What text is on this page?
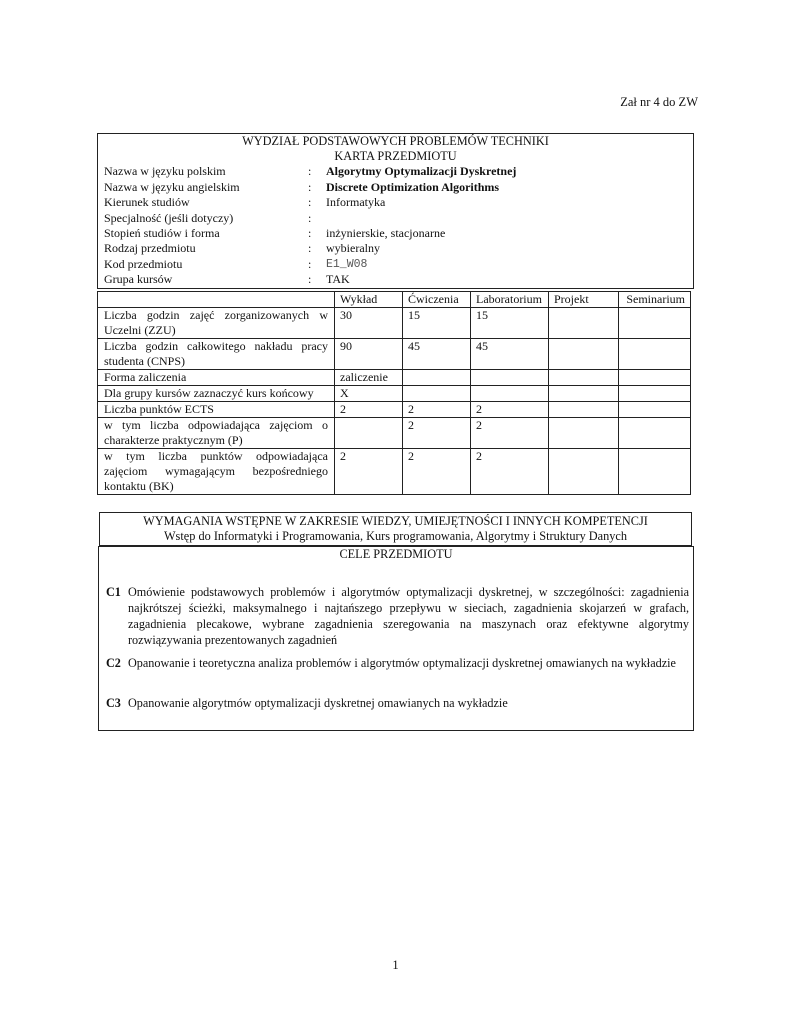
Zał nr 4 do ZW
WYDZIAŁ PODSTAWOWYCH PROBLEMÓW TECHNIKI
KARTA PRZEDMIOTU
Nazwa w języku polskim	: Algorytmy Optymalizacji Dyskretnej
Nazwa w języku angielskim	: Discrete Optimization Algorithms
Kierunek studiów	: Informatyka
Specjalność (jeśli dotyczy)	:
Stopień studiów i forma	: inżynierskie, stacjonarne
Rodzaj przedmiotu	: wybieralny
Kod przedmiotu	: E1_W08
Grupa kursów	: TAK
	Wykład	Ćwiczenia	Laboratorium	Projekt	Seminarium
Liczba godzin zajęć zorganizowanych w Uczelni (ZZU)	30	15	15		
Liczba godzin całkowitego nakładu pracy studenta (CNPS)	90	45	45		
Forma zaliczenia	zaliczenie				
Dla grupy kursów zaznaczyć kurs końcowy	X				
Liczba punktów ECTS	2	2	2		
w tym liczba odpowiadająca zajęciom o charakterze praktycznym (P)		2	2		
w tym liczba punktów odpowiadająca zajęciom wymagającym bezpośredniego kontaktu (BK)	2	2	2		
WYMAGANIA WSTĘPNE W ZAKRESIE WIEDZY, UMIEJĘTNOŚCI I INNYCH KOMPETENCJI
Wstęp do Informatyki i Programowania, Kurs programowania, Algorytmy i Struktury Danych
CELE PRZEDMIOTU
C1 Omówienie podstawowych problemów i algorytmów optymalizacji dyskretnej, w szczególności: zagadnienia najkrótszej ścieżki, maksymalnego i najtańszego przepływu w sieciach, zagadnienia skojarzeń w grafach, zagadnienia plecakowe, wybrane zagadnienia szeregowania na maszynach oraz efektywne algorytmy rozwiązywania prezentowanych zagadnień
C2 Opanowanie i teoretyczna analiza problemów i algorytmów optymalizacji dyskretnej omawianych na wykładzie
C3 Opanowanie algorytmów optymalizacji dyskretnej omawianych na wykładzie
1
